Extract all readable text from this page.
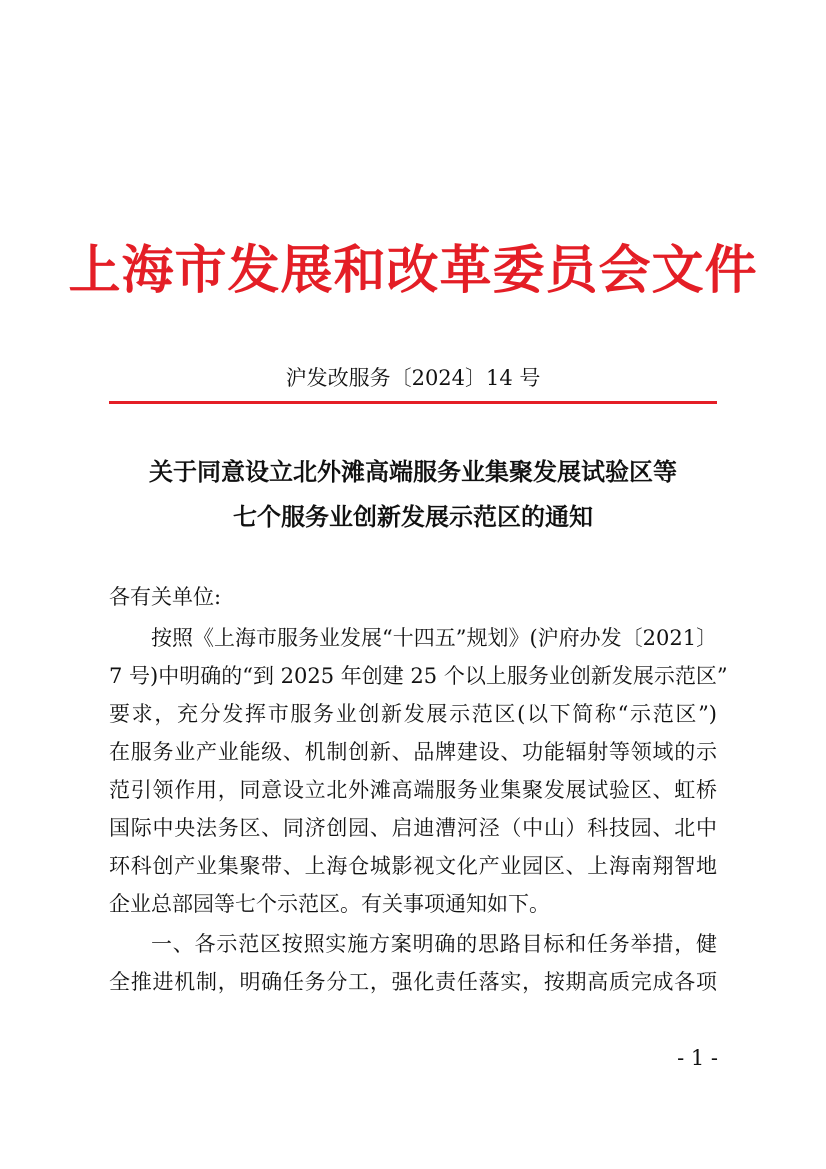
上海市发展和改革委员会文件
沪发改服务〔2024〕14 号
关于同意设立北外滩高端服务业集聚发展试验区等
七个服务业创新发展示范区的通知
各有关单位:
按照《上海市服务业发展“十四五”规划》(沪府办发〔2021〕
7 号)中明确的“到 2025 年创建 25 个以上服务业创新发展示范区”
要求，充分发挥市服务业创新发展示范区(以下简称“示范区”)
在服务业产业能级、机制创新、品牌建设、功能辐射等领域的示
范引领作用，同意设立北外滩高端服务业集聚发展试验区、虹桥
国际中央法务区、同济创园、启迪漕河泾（中山）科技园、北中
环科创产业集聚带、上海仓城影视文化产业园区、上海南翔智地
企业总部园等七个示范区。有关事项通知如下。
一、各示范区按照实施方案明确的思路目标和任务举措，健
全推进机制，明确任务分工，强化责任落实，按期高质完成各项
- 1 -
